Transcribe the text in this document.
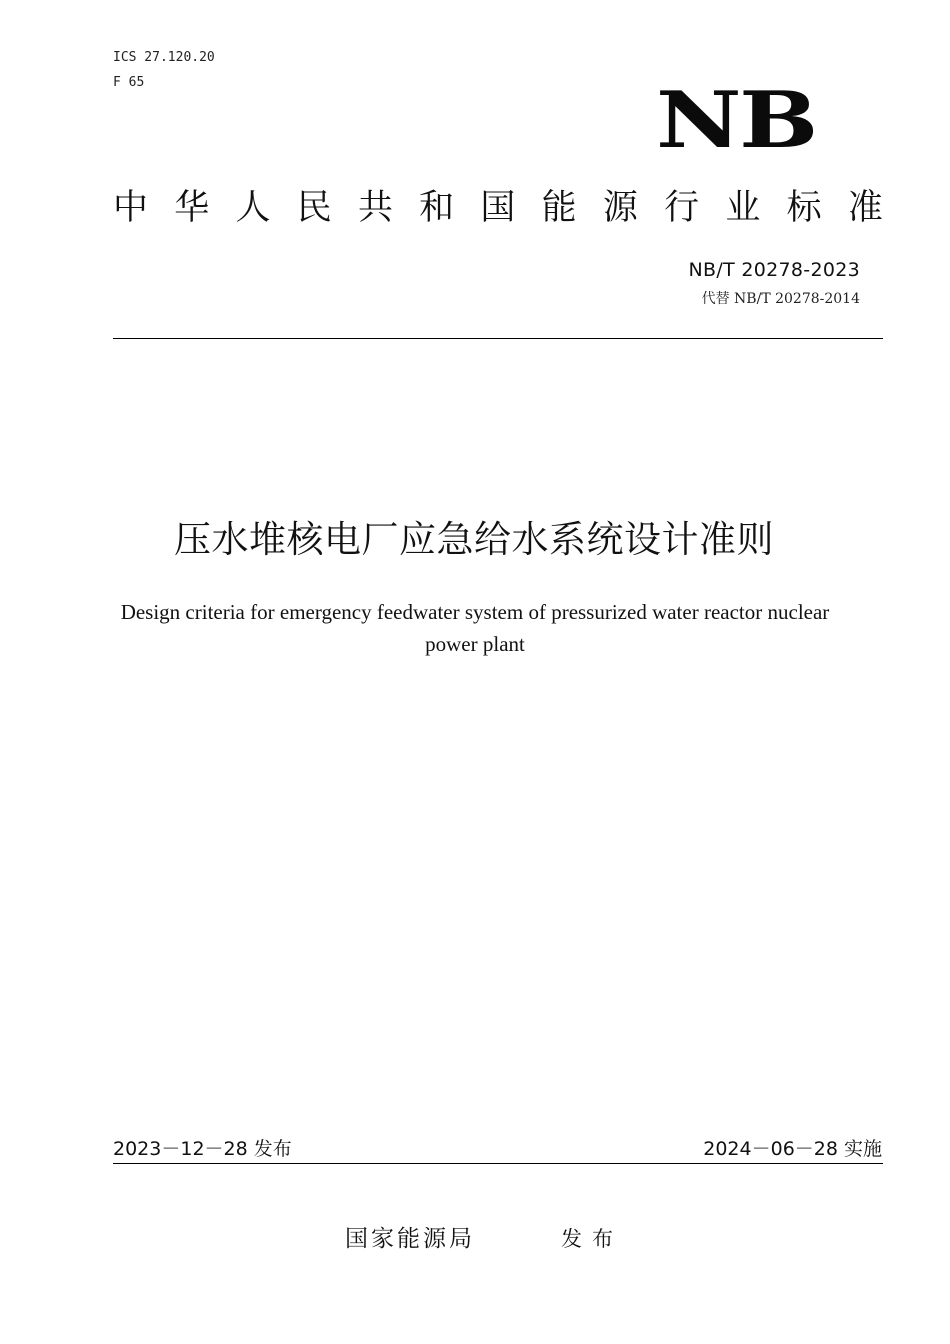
ICS 27.120.20
F 65	NB
中 华 人 民 共 和 国 能 源 行 业 标 准
NB/T 20278-2023
代替 NB/T 20278-2014
压水堆核电厂应急给水系统设计准则
Design criteria for emergency feedwater system of pressurized water reactor nuclear
power plant
2023－12－28 发布	2024－06－28 实施
国家能源局	发布
